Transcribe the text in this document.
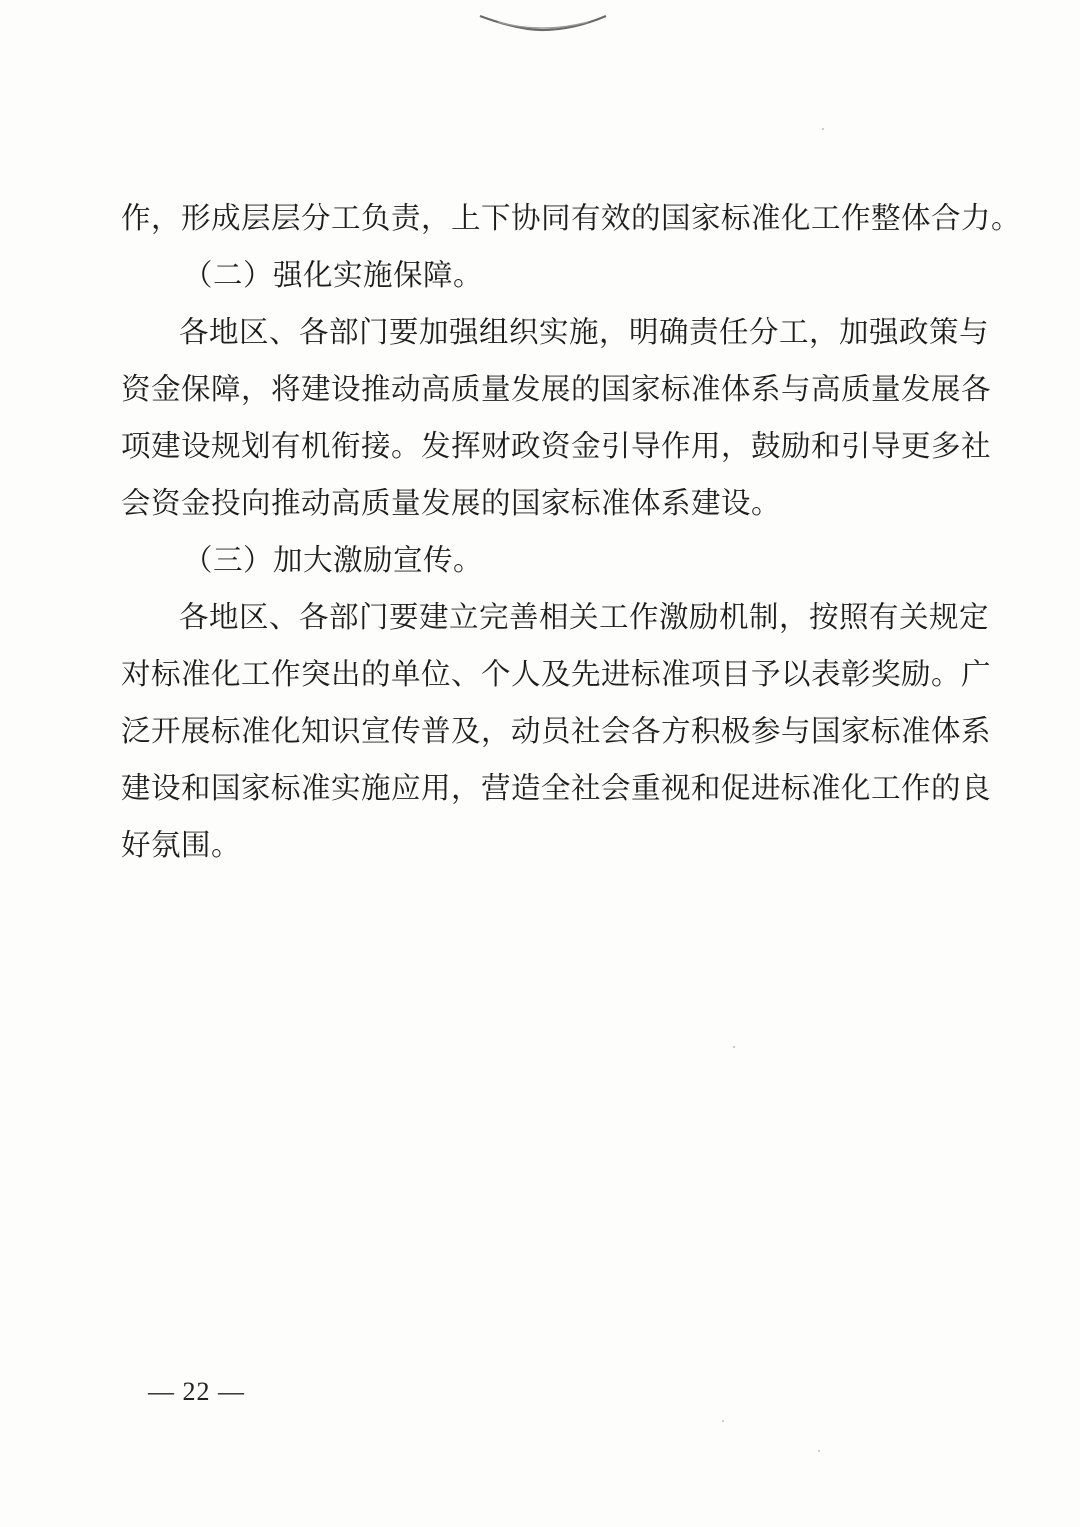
作，形成层层分工负责，上下协同有效的国家标准化工作整体合力。
（二）强化实施保障。
各地区、各部门要加强组织实施，明确责任分工，加强政策与
资金保障，将建设推动高质量发展的国家标准体系与高质量发展各
项建设规划有机衔接。发挥财政资金引导作用，鼓励和引导更多社
会资金投向推动高质量发展的国家标准体系建设。
（三）加大激励宣传。
各地区、各部门要建立完善相关工作激励机制，按照有关规定
对标准化工作突出的单位、个人及先进标准项目予以表彰奖励。广
泛开展标准化知识宣传普及，动员社会各方积极参与国家标准体系
建设和国家标准实施应用，营造全社会重视和促进标准化工作的良
好氛围。
— 22 —
